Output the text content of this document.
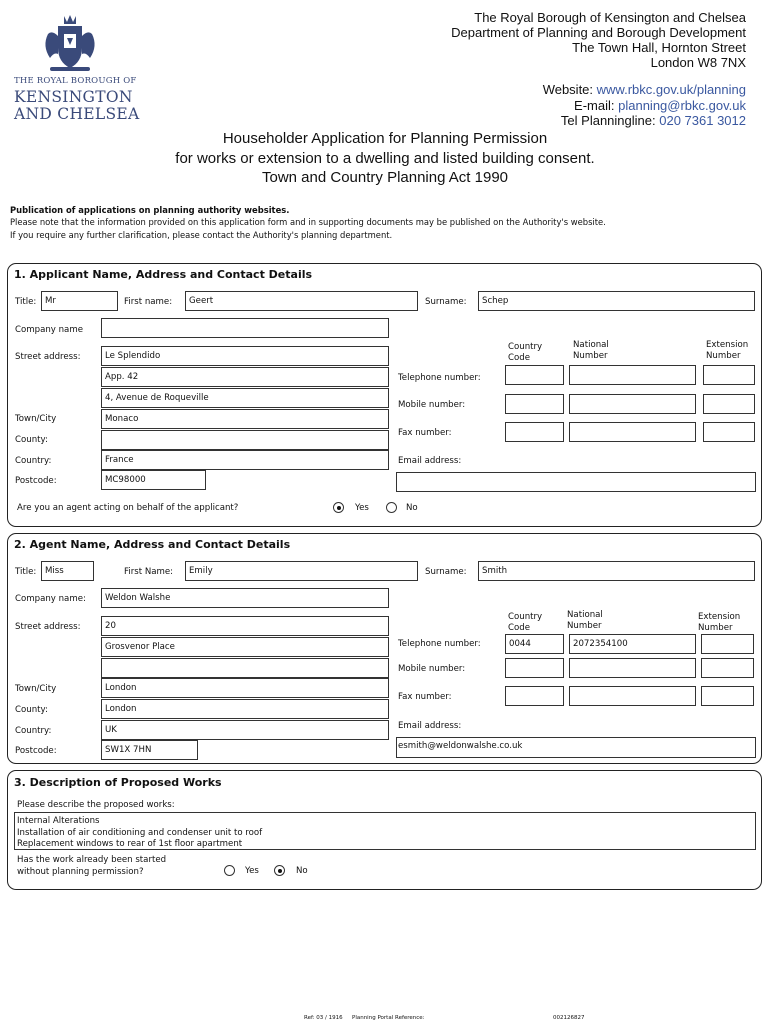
THE ROYAL BOROUGH OF
KENSINGTON
AND CHELSEA
The Royal Borough of Kensington and Chelsea
Department of Planning and Borough Development
The Town Hall, Hornton Street
London W8 7NX
Website: www.rbkc.gov.uk/planning
E-mail: planning@rbkc.gov.uk
Tel Planningline: 020 7361 3012
Householder Application for Planning Permission
for works or extension to a dwelling and listed building consent.
Town and Country Planning Act 1990
Publication of applications on planning authority websites.
Please note that the information provided on this application form and in supporting documents may be published on the Authority's website.
If you require any further clarification, please contact the Authority's planning department.
1. Applicant Name, Address and Contact Details
Title:	Mr	First name:	Geert	Surname:	Schep
Company name
Street address:	Le Splendido
App. 42
4, Avenue de Roqueville
Town/City	Monaco
County:
Country:	France
Postcode:	MC98000
Country
Code
National
Number
Extension
Number
Telephone number:
Mobile number:
Fax number:
Email address:
Are you an agent acting on behalf of the applicant?	Yes	No
2. Agent Name, Address and Contact Details
Title:	Miss	First Name:	Emily	Surname:	Smith
Company name:	Weldon Walshe
Street address:	20
Grosvenor Place
Town/City	London
County:	London
Country:	UK
Postcode:	SW1X 7HN
Country
Code
National
Number
Extension
Number
Telephone number:	0044	2072354100
Mobile number:
Fax number:
Email address:
esmith@weldonwalshe.co.uk
3. Description of Proposed Works
Please describe the proposed works:
Internal Alterations
Installation of air conditioning and condenser unit to roof
Replacement windows to rear of 1st floor apartment
Has the work already been started
without planning permission?	Yes	No
Ref: 03 / 1916 Planning Portal Reference:	002126827
